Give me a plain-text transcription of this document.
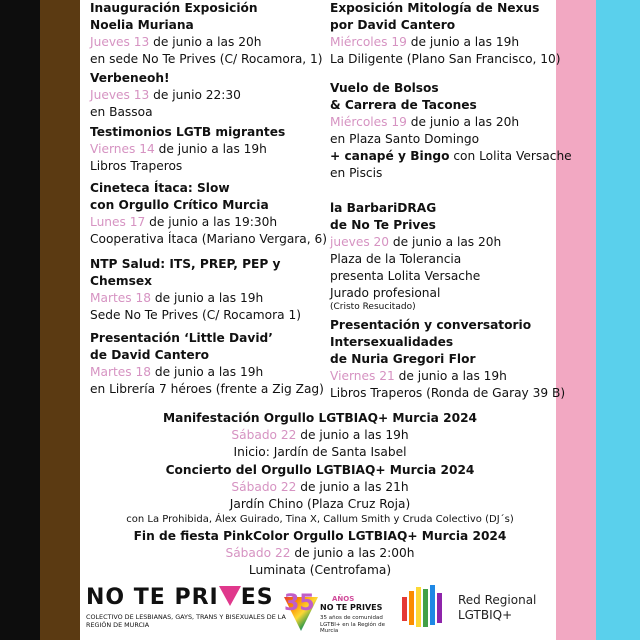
Inauguración Exposición
Noelia Muriana
Jueves 13 de junio a las 20h
en sede No Te Prives (C/ Rocamora, 1)
Verbeneoh!
Jueves 13 de junio 22:30
en Bassoa
Testimonios LGTB migrantes
Viernes 14 de junio a las 19h
Libros Traperos
Cineteca Ítaca: Slow
con Orgullo Crítico Murcia
Lunes 17 de junio a las 19:30h
Cooperativa Ítaca (Mariano Vergara, 6)
NTP Salud: ITS, PREP, PEP y
Chemsex
Martes 18 de junio a las 19h
Sede No Te Prives (C/ Rocamora 1)
Presentación ‘Little David’
de David Cantero
Martes 18 de junio a las 19h
en Librería 7 héroes (frente a Zig Zag)
Exposición Mitología de Nexus
por David Cantero
Miércoles 19 de junio a las 19h
La Diligente (Plano San Francisco, 10)
Vuelo de Bolsos
& Carrera de Tacones
Miércoles 19 de junio a las 20h
en Plaza Santo Domingo
+ canapé y Bingo con Lolita Versache
en Piscis
la BarbariDRAG
de No Te Prives
jueves 20 de junio a las 20h
Plaza de la Tolerancia
presenta Lolita Versache
Jurado profesional
(Cristo Resucitado)
Presentación y conversatorio
Intersexualidades
de Nuria Gregori Flor
Viernes 21 de junio a las 19h
Libros Traperos (Ronda de Garay 39 B)
Manifestación Orgullo LGTBIAQ+ Murcia 2024
Sábado 22 de junio a las 19h
Inicio: Jardín de Santa Isabel
Concierto del Orgullo LGTBIAQ+ Murcia 2024
Sábado 22 de junio a las 21h
Jardín Chino (Plaza Cruz Roja)
con La Prohibida, Álex Guirado, Tina X, Callum Smith y Cruda Colectivo (DJ´s)
Fin de fiesta PinkColor Orgullo LGTBIAQ+ Murcia 2024
Sábado 22 de junio a las 2:00h
Luminata (Centrofama)
NO TE PRI ES
COLECTIVO DE LESBIANAS, GAYS, TRANS Y BISEXUALES DE LA REGIÓN DE MURCIA
35 AÑOS
NO TE PRIVES
35 años de comunidad LGTBI+ en la Región de Murcia
Red Regional
LGTBIQ+
